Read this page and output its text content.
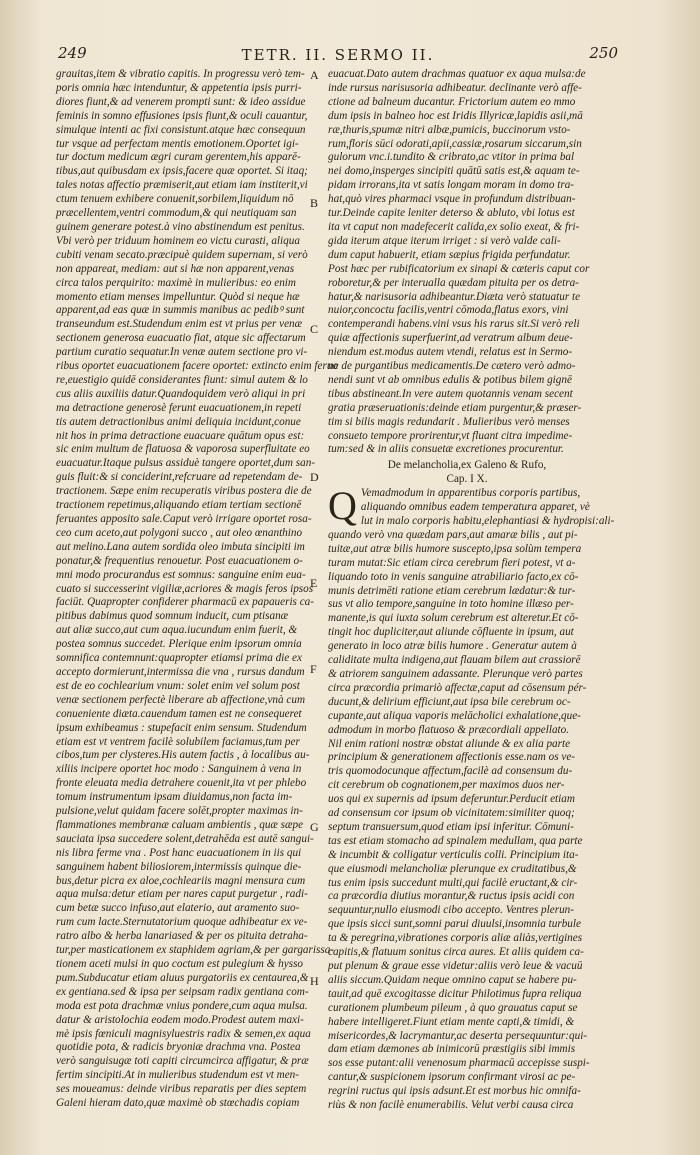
249	TETR. II. SERMO II.	250
grauitas,item & vibratio capitis. In progressu verò tem-
poris omnia hæc intenduntur, & appetentia ipsis purri-
diores fiunt,& ad venerem prompti sunt: & ideo assidue
feminis in somno effusiones ipsis fiunt,& oculi cauantur,
simulque intenti ac fixi consistunt.atque hæc consequun
tur vsque ad perfectam mentis emotionem.Oportet igi-
tur doctum medicum ægri curam gerentem,his apparē-
tibus,aut quibusdam ex ipsis,facere quæ oportet. Si itaq;
tales notas affectio præmiserit,aut etiam iam institerit,vi
ctum tenuem exhibere conuenit,sorbilem,liquidum nō
præcellentem,ventri commodum,& qui neutiquam san
guinem generare potest.à vino abstinendum est penitus.
Vbi verò per triduum hominem eo victu curasti, aliqua
cubiti venam secato.præcipuè quidem supernam, si verò
non appareat, mediam: aut si hæ non apparent,venas
circa talos perquirito: maximè in mulieribus: eo enim
momento etiam menses impelluntur. Quòd si neque hæ
apparent,ad eas quæ in summis manibus ac pedibꝰ sunt
transeundum est.Studendum enim est vt prius per venæ
sectionem generosa euacuatio fiat, atque sic affectarum
partium curatio sequatur.In venæ autem sectione pro vi-
ribus oportet euacuationem facere oportet: extincto enim feruo
re,euestigio quidē considerantes fiunt: simul autem & lo
cus aliis auxiliis datur.Quandoquidem verò aliqui in pri
ma detractione generosè ferunt euacuationem,in repeti
tis autem detractionibus animi deliquia incidunt,conue
nit hos in prima detractione euacuare quātum opus est:
sic enim multum de flatuosa & vaporosa superfluitate eo
euacuatur.Itaque pulsus assiduè tangere oportet,dum san-
guis fluit:& si conciderint,refcruare ad repetendam de-
tractionem. Sæpe enim recuperatis viribus postera die de
tractionem repetimus,aliquando etiam tertiam sectionē
feruantes apposito sale.Caput verò irrigare oportet rosa-
ceo cum aceto,aut polygoni succo , aut oleo œnanthino
aut melino.Lana autem sordida oleo imbuta sincipiti im
ponatur,& frequentius renouetur. Post euacuationem o-
mni modo procurandus est somnus: sanguine enim eua-
cuato si successerint vigiliæ,acriores & magis feros ipsos
faciūt. Quapropter confiderer pharmacū ex papaueris ca-
pitibus dabimus quod somnum inducit, cum ptisanæ
aut aliæ succo,aut cum aqua.iucundum enim fuerit, &
postea somnus succedet. Plerique enim ipsorum omnia
somnifica contemnunt:quapropter etiamsi prima die ex
accepto dormierunt,intermissa die vna , rursus dandum
est de eo cochlearium vnum: solet enim vel solum post
venæ sectionem perfectè liberare ab affectione,vnà cum
conueniente diæta.cauendum tamen est ne consequeret
ipsum exhibeamus : stupefacit enim sensum. Studendum
etiam est vt ventrem facilè solubilem faciamus,tum per
cibos,tum per clysteres.His autem factis , à localibus au-
xiliis incipere oportet hoc modo : Sanguinem à vena in
fronte eleuata media detrahere couenit,ita vt per phlebo
tomum instrumentum ipsam diuidamus,non facta im-
pulsione,velut quidam facere solēt,propter maximas in-
flammationes membranæ caluam ambientis , quæ sæpe
sauciata ipsa succedere solent,detrahēda est autē sangui-
nis libra ferme vna . Post hanc euacuationem in iis qui
sanguinem habent biliosiorem,intermissis quinque die-
bus,detur picra ex aloe,cochleariis magni mensura cum
aqua mulsa:detur etiam per nares caput purgetur , radi-
cum betæ succo infuso,aut elaterio, aut aramento suo-
rum cum lacte.Sternutatorium quoque adhibeatur ex ve-
ratro albo & herba lanariased & per os pituita detraha-
tur,per masticationem ex staphidem agriam,& per gargarissa-
tionem aceti mulsi in quo coctum est pulegium & hysso
pum.Subducatur etiam aluus purgatoriis ex centaurea,&
ex gentiana.sed & ipsa per seipsam radix gentiana com-
moda est pota drachmæ vnius pondere,cum aqua mulsa.
datur & aristolochia eodem modo.Prodest autem maxi-
mè ipsis fœniculi magnisyluestris radix & semen,ex aqua
quotidie pota, & radicis bryoniæ drachma vna. Postea
verò sanguisugæ toti capiti circumcirca affigatur, & præ
fertim sincipiti.At in mulieribus studendum est vt men-
ses moueamus: deinde viribus reparatis per dies septem
Galeni hieram dato,quæ maximè ob stœchadis copiam
A
B
C
D
E
F
G
H
euacuat.Dato autem drachmas quatuor ex aqua mulsa:de
inde rursus narisusoria adhibeatur. declinante verò affe-
ctione ad balneum ducantur. Frictorium autem eo mmo
dum ipsis in balneo hoc est Iridis Illyricæ,lapidis asii,mā
ræ,thuris,spumæ nitri albæ,pumicis, buccinorum vsto-
rum,floris sūci odorati,apii,cassiæ,rosarum siccarum,sin
gulorum vnc.i.tundito & cribrato,ac vtitor in prima bal
nei domo,insperges sincipiti quātū satis est,& aquam te-
pidam irrorans,ita vt satis longam moram in domo tra-
hat,quò vires pharmaci vsque in profundum distribuan-
tur.Deinde capite leniter deterso & abluto, vbi lotus est
ita vt caput non madefecerit calida,ex solio exeat, & fri-
gida iterum atque iterum irriget : si verò valde cali-
dum caput habuerit, etiam sæpius frigida perfundatur.
Post hæc per rubificatorium ex sinapi & cæteris caput cor
roboretur,& per interualla quædam pituita per os detra-
hatur,& narisusoria adhibeantur.Diæta verò statuatur te
nuior,concoctu facilis,ventri cōmoda,flatus exors, vini
contemperandi habens.vini vsus his rarus sit.Si verò reli
quiæ affectionis superfuerint,ad veratrum album deue-
niendum est.modus autem vtendi, relatus est in Sermo-
ne de purgantibus medicamentis.De cætero verò admo-
nendi sunt vt ab omnibus edulis & potibus bilem gignē
tibus abstineant.In vere autem quotannis venam secent
gratia præseruationis:deinde etiam purgentur,& præser-
tim si bilis magis redundarit . Mulieribus verò menses
consueto tempore prorirentur,vt fluant citra impedime-
tum:sed & in aliis consuetæ excretiones procurentur.
De melancholia,ex Galeno & Rufo,
Cap. I X.
Q Vemadmodum in apparentibus corporis partibus,
aliquando omnibus eadem temperatura apparet, vè
lut in malo corporis habitu,elephantiasi & hydropisi:ali-
quando verò vna quædam pars,aut amaræ bilis , aut pi-
tuitæ,aut atræ bilis humore suscepto,ipsa solùm tempera
turam mutat:Sic etiam circa cerebrum fieri potest, vt a-
liquando toto in venis sanguine atrabiliario facto,ex cō-
munis detrimēti ratione etiam cerebrum lædatur:& tur-
sus vt alio tempore,sanguine in toto homine illæso per-
manente,is qui iuxta solum cerebrum est alteretur.Et cō-
tingit hoc dupliciter,aut aliunde cōfluente in ipsum, aut
generato in loco atræ bilis humore . Generatur autem à
caliditate multa indigena,aut flauam bilem aut crassiorē
& atriorem sanguinem adassante. Plerunque verò partes
circa præcordia primariò affectæ,caput ad cōsensum pér-
ducunt,& delirium efficiunt,aut ipsa bile cerebrum oc-
cupante,aut aliqua vaporis melācholici exhalatione,que-
admodum in morbo flatuoso & præcordiali appellato.
Nil enim rationi nostræ obstat aliunde & ex alia parte
principium & generationem affectionis esse.nam os ve-
tris quomodocunque affectum,facilè ad consensum du-
cit cerebrum ob cognationem,per maximos duos ner-
uos qui ex supernis ad ipsum deferuntur.Perducit etiam
ad consensum cor ipsum ob vicinitatem:similiter quoq;
septum transuersum,quod etiam ipsi inferitur. Cōmuni-
tas est etiam stomacho ad spinalem medullam, qua parte
& incumbit & colligatur verticulis colli. Principium ita-
que eiusmodi melancholiæ plerunque ex cruditatibus,&
tus enim ipsis succedunt multi,qui facilè eructant,& cir-
ca præcordia diutius morantur,& ructus ipsis acidi con
sequuntur,nullo eiusmodi cibo accepto. Ventres plerun-
que ipsis sicci sunt,somni parui diuulsi,insomnia turbule
ta & peregrina,vibrationes corporis aliæ aliàs,vertigines
capitis,& flatuum sonitus circa aures. Et aliis quidem ca-
put plenum & graue esse videtur:aliis verò leue & vacuū
aliis siccum.Quidam neque omnino caput se habere pu-
tauit,ad quē excogitasse dicitur Philotimus fupra reliqua
curationem plumbeum pileum , à quo grauatus caput se
habere intelligeret.Fiunt etiam mente capti,& timidi, &
misericordes,& lacrymantur,ac deserta persequuntur:qui-
dam etiam dæmones ab inimicorū præstigiis sibi immis
sos esse putant:alii venenosum pharmacū accepisse suspi-
cantur,& suspicionem ipsorum confirmant virosi ac pe-
regrini ructus qui ipsis adsunt.Et est morbus hic omnifa-
riùs & non facilè enumerabilis. Velut verbi causa circa
